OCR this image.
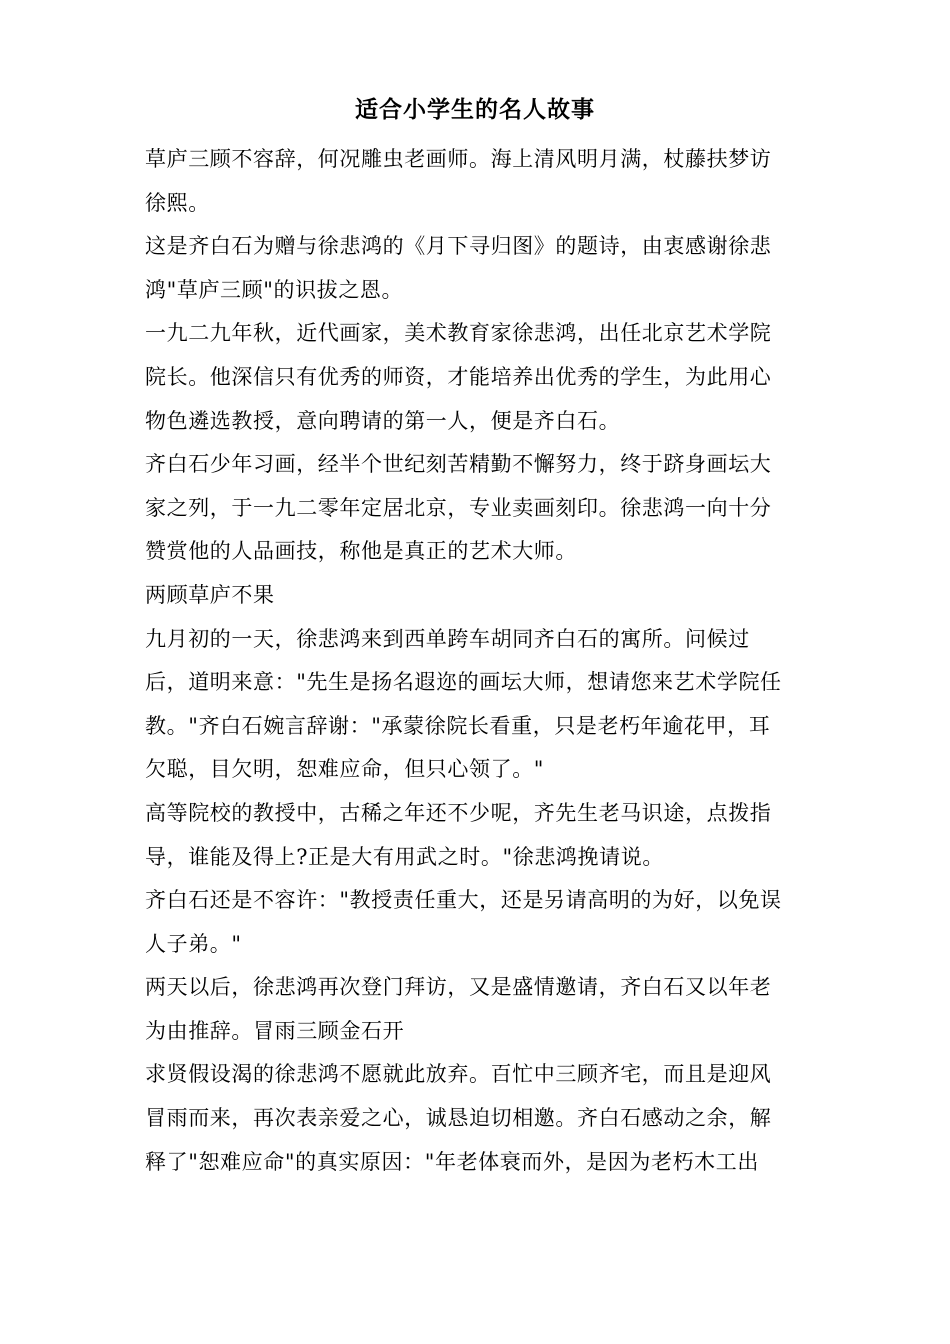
适合小学生的名人故事

草庐三顾不容辞，何况雕虫老画师。海上清风明月满，杖藤扶梦访
徐熙。

这是齐白石为赠与徐悲鸿的《月下寻归图》的题诗，由衷感谢徐悲
鸿"草庐三顾"的识拔之恩。

一九二九年秋，近代画家，美术教育家徐悲鸿，出任北京艺术学院
院长。他深信只有优秀的师资，才能培养出优秀的学生，为此用心
物色遴选教授，意向聘请的第一人，便是齐白石。

齐白石少年习画，经半个世纪刻苦精勤不懈努力，终于跻身画坛大
家之列，于一九二零年定居北京，专业卖画刻印。徐悲鸿一向十分
赞赏他的人品画技，称他是真正的艺术大师。

两顾草庐不果

九月初的一天，徐悲鸿来到西单跨车胡同齐白石的寓所。问候过
后，道明来意："先生是扬名遐迩的画坛大师，想请您来艺术学院任
教。"齐白石婉言辞谢："承蒙徐院长看重，只是老朽年逾花甲，耳
欠聪，目欠明，恕难应命，但只心领了。"

高等院校的教授中，古稀之年还不少呢，齐先生老马识途，点拨指
导，谁能及得上?正是大有用武之时。"徐悲鸿挽请说。

齐白石还是不容许："教授责任重大，还是另请高明的为好，以免误
人子弟。"

两天以后，徐悲鸿再次登门拜访，又是盛情邀请，齐白石又以年老
为由推辞。冒雨三顾金石开

求贤假设渴的徐悲鸿不愿就此放弃。百忙中三顾齐宅，而且是迎风
冒雨而来，再次表亲爱之心，诚恳迫切相邀。齐白石感动之余，解
释了"恕难应命"的真实原因："年老体衰而外，是因为老朽木工出
